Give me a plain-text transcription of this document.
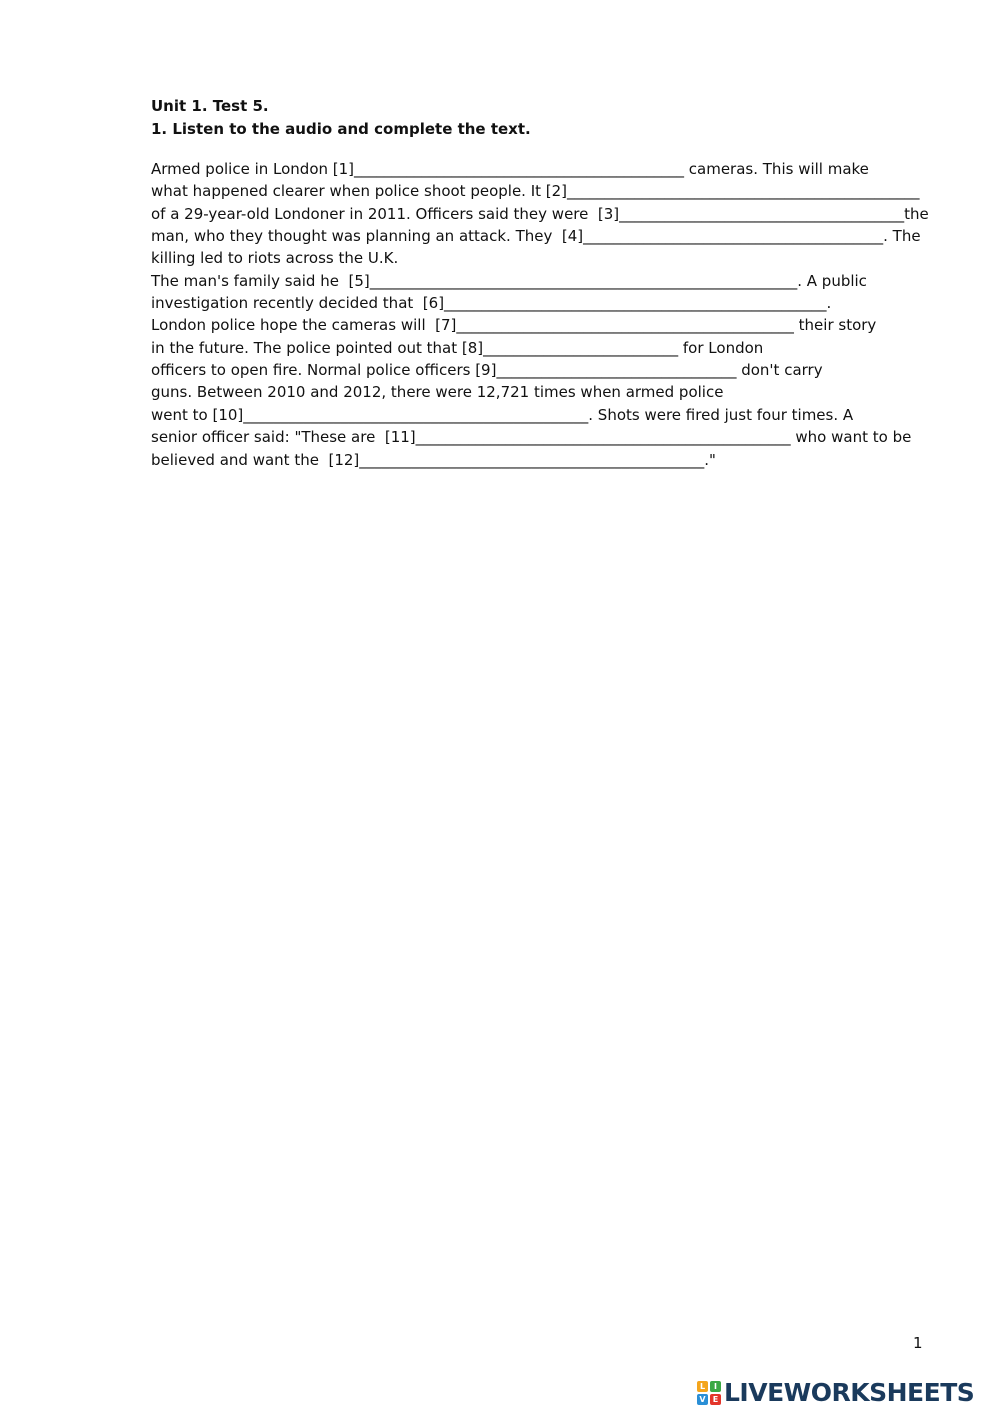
Unit 1. Test 5.
1. Listen to the audio and complete the text.
Armed police in London [1]____________________________________________ cameras. This will make
what happened clearer when police shoot people. It [2]_______________________________________________
of a 29-year-old Londoner in 2011. Officers said they were  [3]______________________________________the
man, who they thought was planning an attack. They  [4]________________________________________. The
killing led to riots across the U.K.
The man's family said he  [5]_________________________________________________________. A public
investigation recently decided that  [6]___________________________________________________.
London police hope the cameras will  [7]_____________________________________________ their story
in the future. The police pointed out that [8]__________________________ for London
officers to open fire. Normal police officers [9]________________________________ don't carry
guns. Between 2010 and 2012, there were 12,721 times when armed police
went to [10]______________________________________________. Shots were fired just four times. A
senior officer said: "These are  [11]__________________________________________________ who want to be
believed and want the  [12]______________________________________________."
1
L	I
V E LIVEWORKSHEETS
